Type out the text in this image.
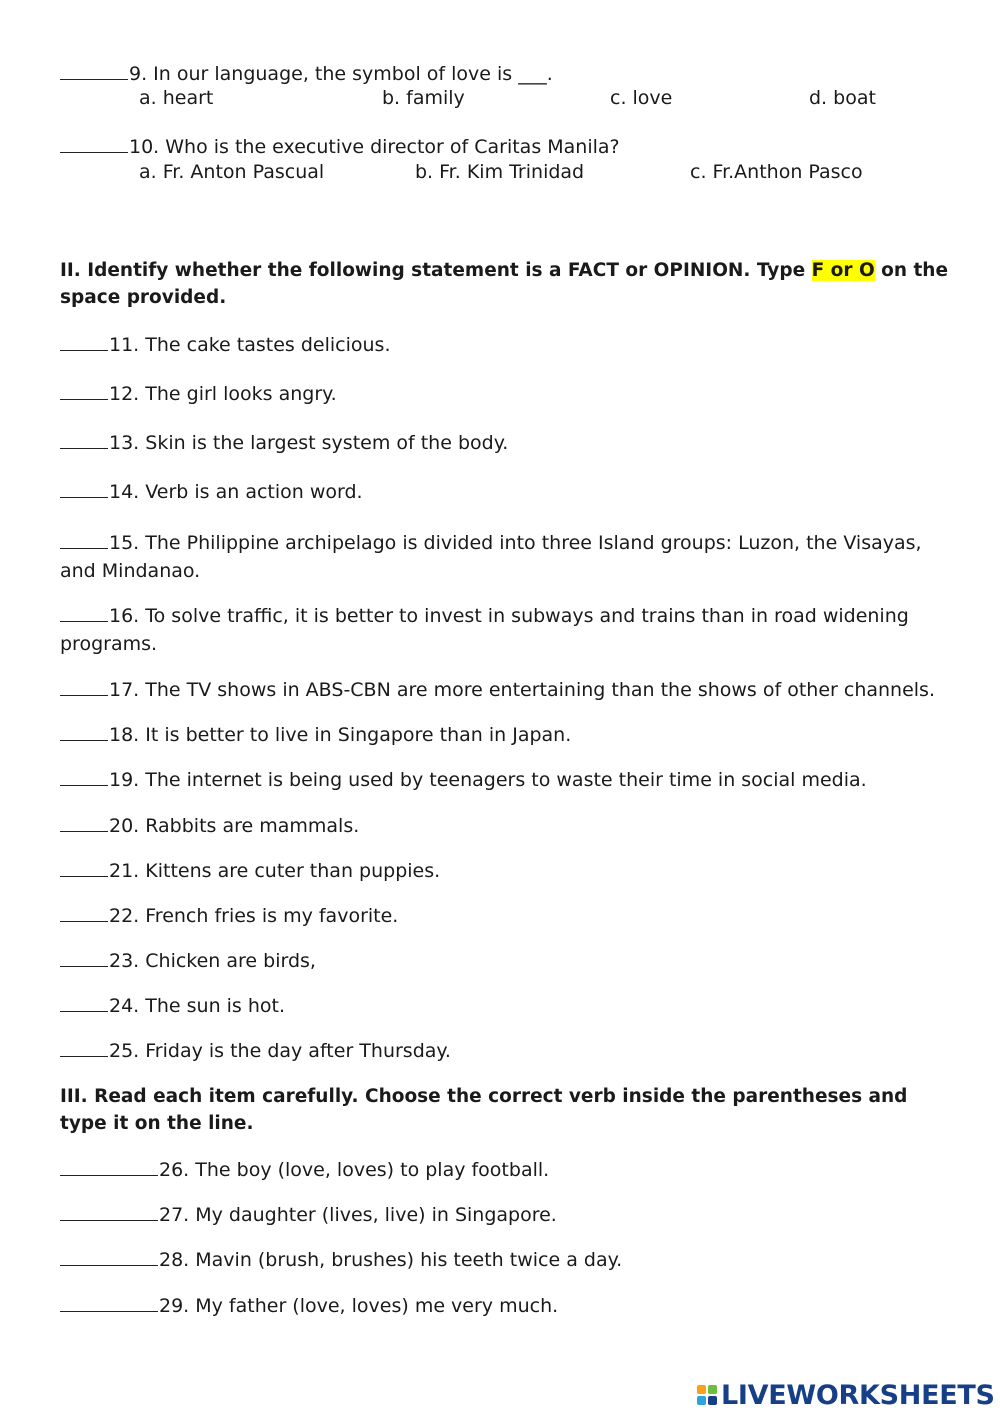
9. In our language, the symbol of love is ___.
a. heart	b. family	c. love	d. boat
10. Who is the executive director of Caritas Manila?
a. Fr. Anton Pascual	b. Fr. Kim Trinidad	c. Fr.Anthon Pasco
II. Identify whether the following statement is a FACT or OPINION. Type F or O on the space provided.
11. The cake tastes delicious.
12. The girl looks angry.
13. Skin is the largest system of the body.
14. Verb is an action word.
15. The Philippine archipelago is divided into three Island groups: Luzon, the Visayas, and Mindanao.
16. To solve traffic, it is better to invest in subways and trains than in road widening programs.
17. The TV shows in ABS-CBN are more entertaining than the shows of other channels.
18. It is better to live in Singapore than in Japan.
19. The internet is being used by teenagers to waste their time in social media.
20. Rabbits are mammals.
21. Kittens are cuter than puppies.
22. French fries is my favorite.
23. Chicken are birds,
24. The sun is hot.
25. Friday is the day after Thursday.
III. Read each item carefully. Choose the correct verb inside the parentheses and type it on the line.
26. The boy (love, loves) to play football.
27. My daughter (lives, live) in Singapore.
28. Mavin (brush, brushes) his teeth twice a day.
29. My father (love, loves) me very much.
LIVEWORKSHEETS
